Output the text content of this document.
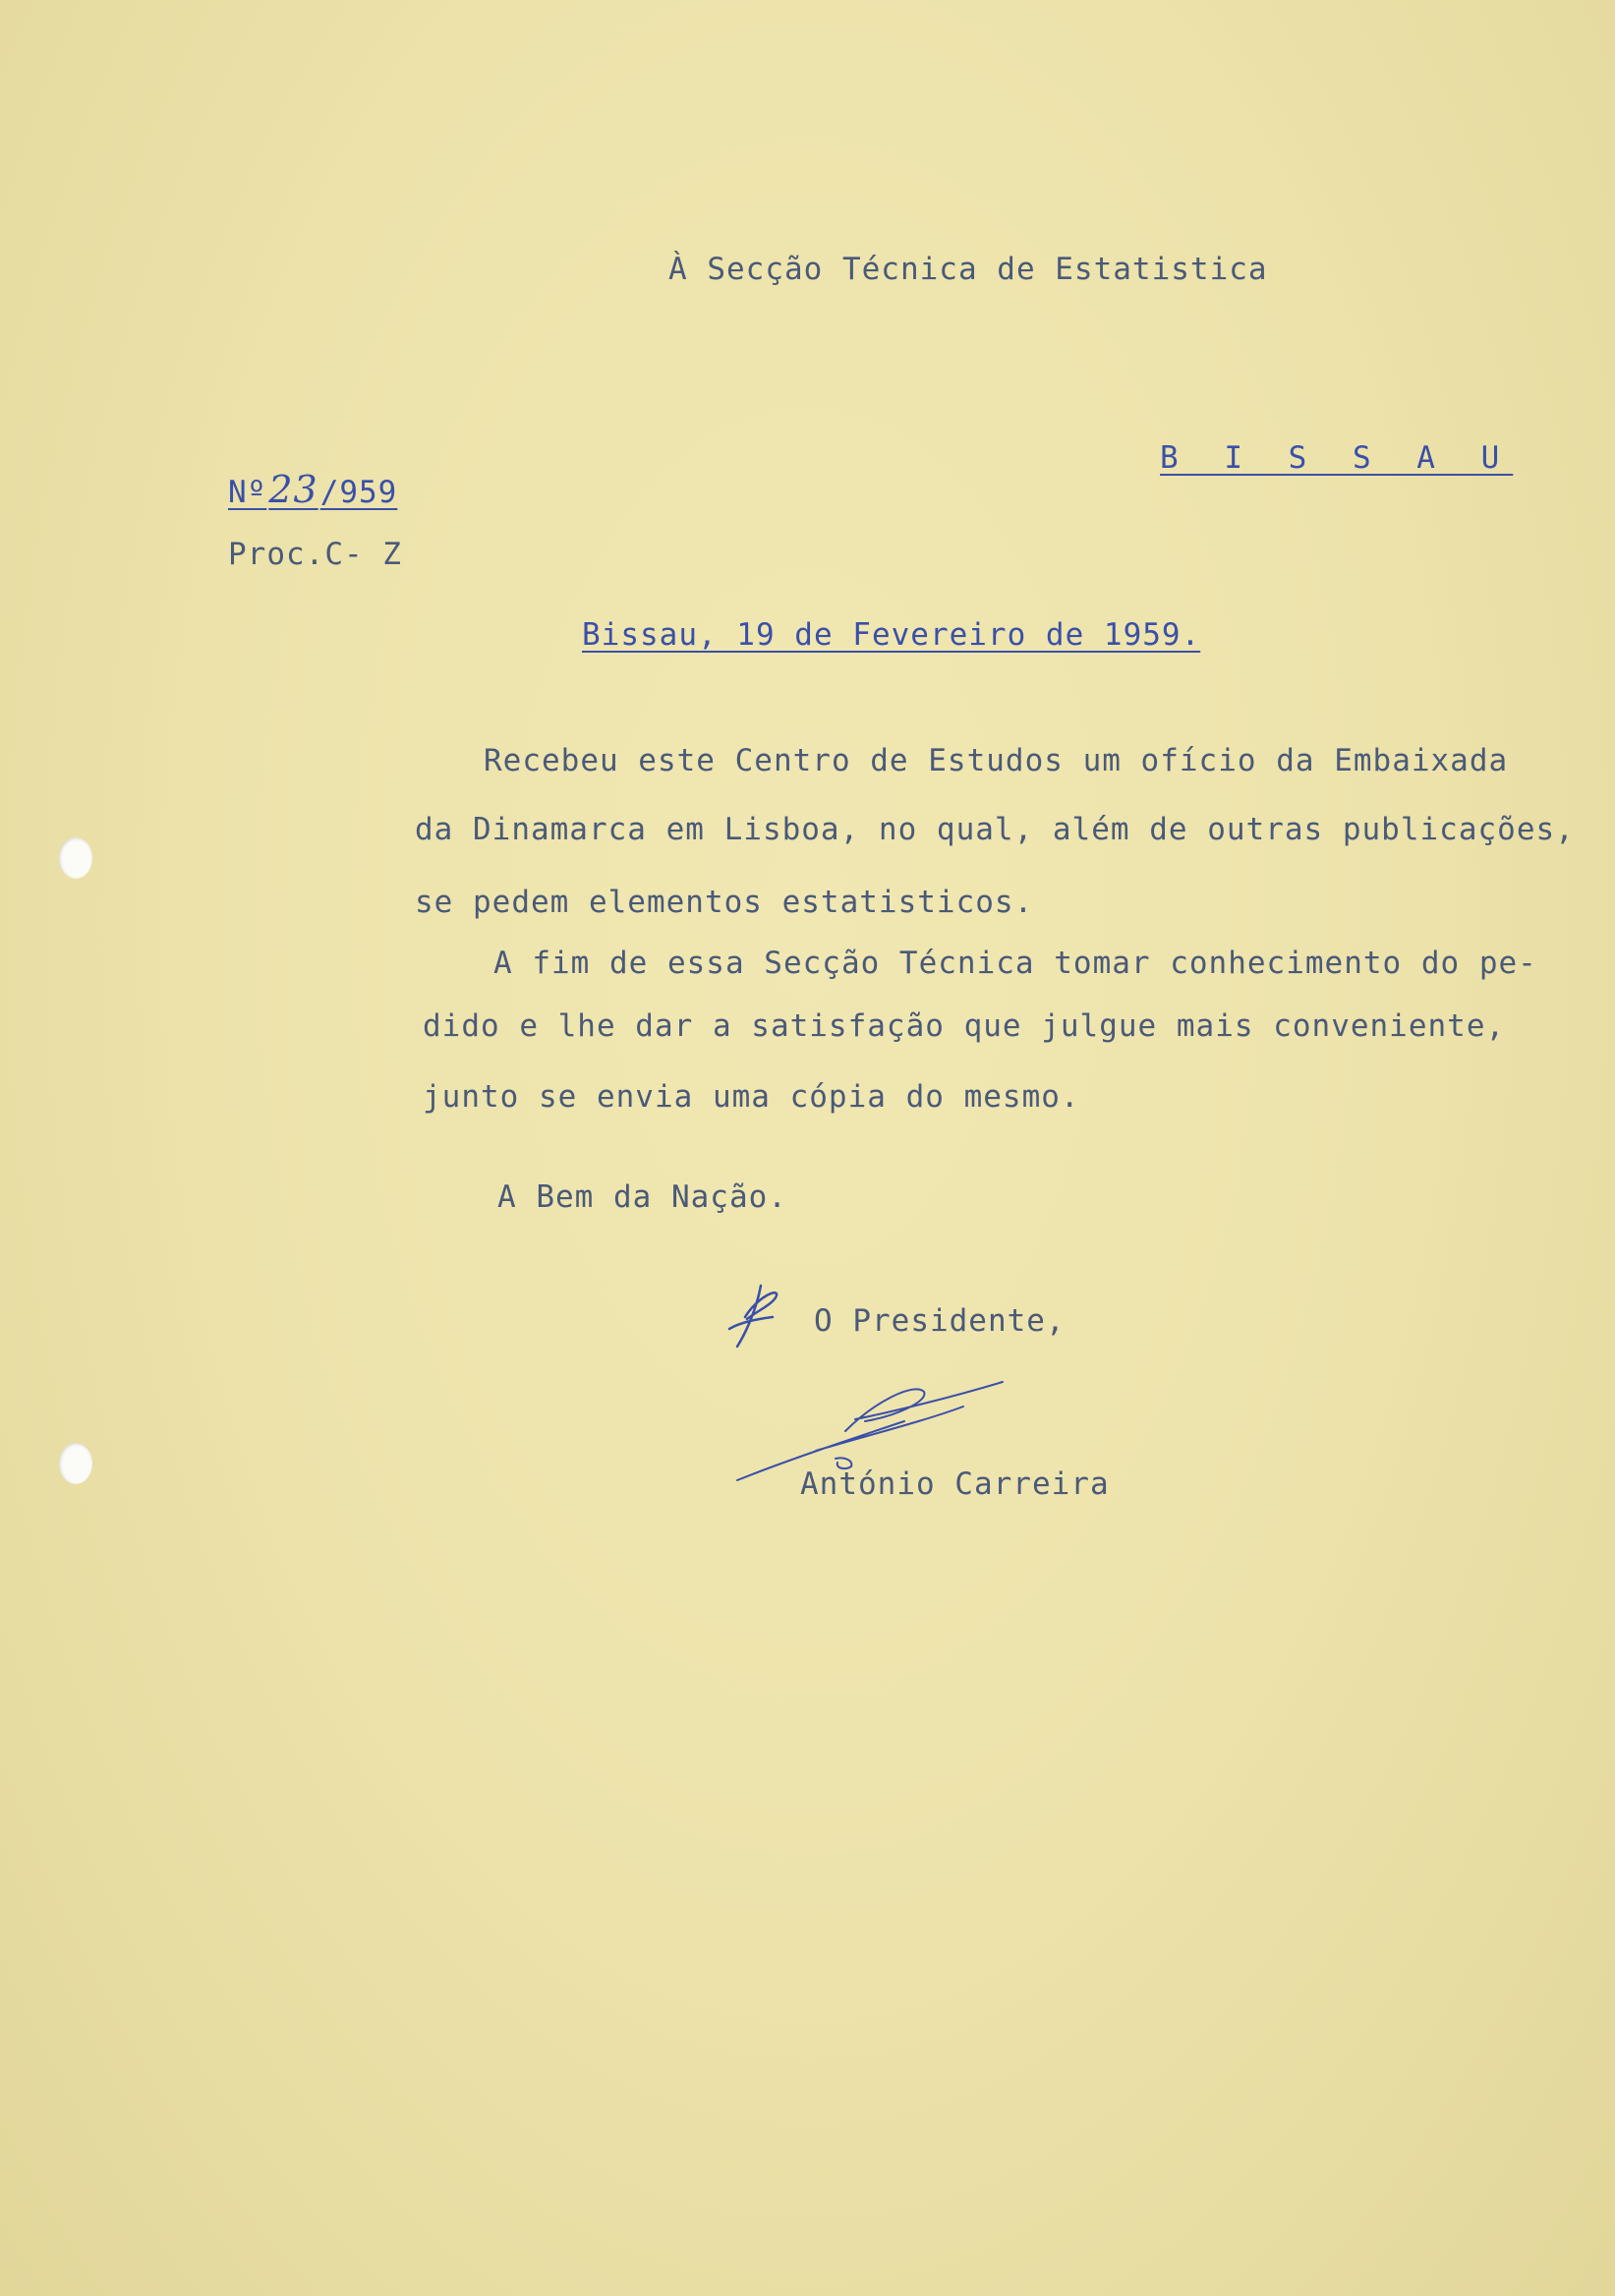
À Secção Técnica de Estatistica
B I S S A U
Nº23/959
Proc.C- Z
Bissau, 19 de Fevereiro de 1959.
Recebeu este Centro de Estudos um ofício da Embaixada
da Dinamarca em Lisboa, no qual, além de outras publicações,
se pedem elementos estatisticos.
A fim de essa Secção Técnica tomar conhecimento do pe-
dido e lhe dar a satisfação que julgue mais conveniente,
junto se envia uma cópia do mesmo.
A Bem da Nação.
O Presidente,
António Carreira
